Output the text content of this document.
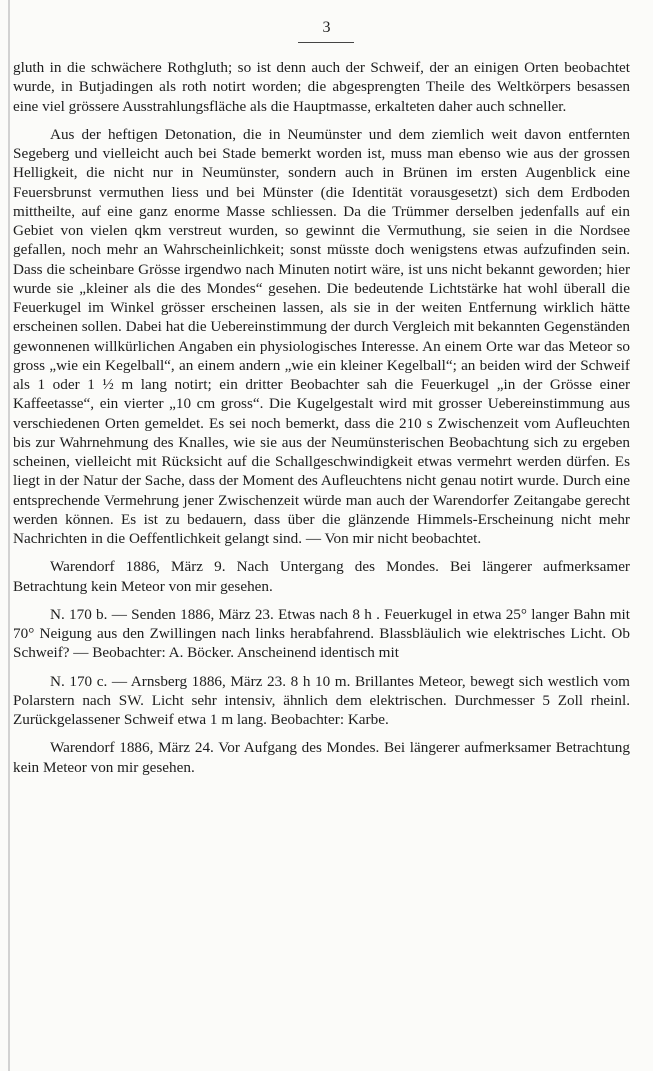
3

gluth in die schwächere Rothgluth; so ist denn auch der Schweif, der an einigen Orten beobachtet wurde, in Butjadingen als roth notirt worden; die abgesprengten Theile des Weltkörpers besassen eine viel grössere Ausstrahlungsfläche als die Hauptmasse, erkalteten daher auch schneller.

Aus der heftigen Detonation, die in Neumünster und dem ziemlich weit davon entfernten Segeberg und vielleicht auch bei Stade bemerkt worden ist, muss man ebenso wie aus der grossen Helligkeit, die nicht nur in Neumünster, sondern auch in Brünen im ersten Augenblick eine Feuersbrunst vermuthen liess und bei Münster (die Identität vorausgesetzt) sich dem Erdboden mittheilte, auf eine ganz enorme Masse schliessen. Da die Trümmer derselben jedenfalls auf ein Gebiet von vielen qkm verstreut wurden, so gewinnt die Vermuthung, sie seien in die Nordsee gefallen, noch mehr an Wahrscheinlichkeit; sonst müsste doch wenigstens etwas aufzufinden sein. Dass die scheinbare Grösse irgendwo nach Minuten notirt wäre, ist uns nicht bekannt geworden; hier wurde sie „kleiner als die des Mondes“ gesehen. Die bedeutende Lichtstärke hat wohl überall die Feuerkugel im Winkel grösser erscheinen lassen, als sie in der weiten Entfernung wirklich hätte erscheinen sollen. Dabei hat die Uebereinstimmung der durch Vergleich mit bekannten Gegenständen gewonnenen willkürlichen Angaben ein physiologisches Interesse. An einem Orte war das Meteor so gross „wie ein Kegelball“, an einem andern „wie ein kleiner Kegelball“; an beiden wird der Schweif als 1 oder 1 ½ m lang notirt; ein dritter Beobachter sah die Feuerkugel „in der Grösse einer Kaffeetasse“, ein vierter „10 cm gross“. Die Kugelgestalt wird mit grosser Uebereinstimmung aus verschiedenen Orten gemeldet. Es sei noch bemerkt, dass die 210 s Zwischenzeit vom Aufleuchten bis zur Wahrnehmung des Knalles, wie sie aus der Neumünsterischen Beobachtung sich zu ergeben scheinen, vielleicht mit Rücksicht auf die Schallgeschwindigkeit etwas vermehrt werden dürfen. Es liegt in der Natur der Sache, dass der Moment des Aufleuchtens nicht genau notirt wurde. Durch eine entsprechende Vermehrung jener Zwischenzeit würde man auch der Warendorfer Zeitangabe gerecht werden können. Es ist zu bedauern, dass über die glänzende Himmels-Erscheinung nicht mehr Nachrichten in die Oeffentlichkeit gelangt sind. — Von mir nicht beobachtet.

Warendorf 1886, März 9. Nach Untergang des Mondes. Bei längerer aufmerksamer Betrachtung kein Meteor von mir gesehen.

N. 170 b. — Senden 1886, März 23. Etwas nach 8 h . Feuerkugel in etwa 25° langer Bahn mit 70° Neigung aus den Zwillingen nach links herabfahrend. Blassbläulich wie elektrisches Licht. Ob Schweif? — Beobachter: A. Böcker. Anscheinend identisch mit

N. 170 c. — Arnsberg 1886, März 23. 8 h 10 m. Brillantes Meteor, bewegt sich westlich vom Polarstern nach SW. Licht sehr intensiv, ähnlich dem elektrischen. Durchmesser 5 Zoll rheinl. Zurückgelassener Schweif etwa 1 m lang. Beobachter: Karbe.

Warendorf 1886, März 24. Vor Aufgang des Mondes. Bei längerer aufmerksamer Betrachtung kein Meteor von mir gesehen.
